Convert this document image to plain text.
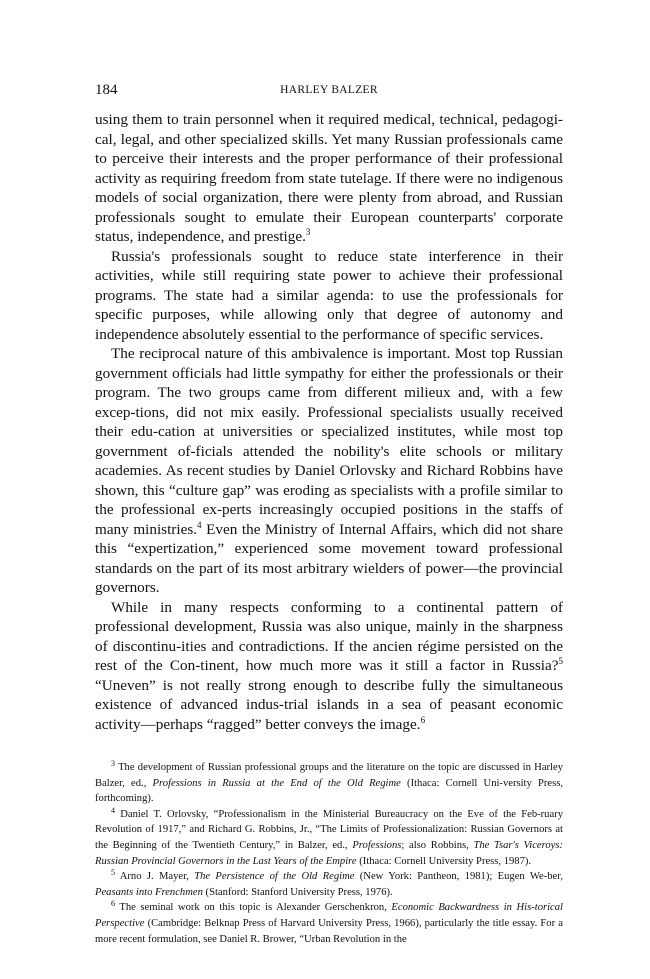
184	HARLEY BALZER

using them to train personnel when it required medical, technical, pedagogi-cal, legal, and other specialized skills. Yet many Russian professionals came to perceive their interests and the proper performance of their professional activity as requiring freedom from state tutelage. If there were no indigenous models of social organization, there were plenty from abroad, and Russian professionals sought to emulate their European counterparts' corporate status, independence, and prestige.$^3$

Russia's professionals sought to reduce state interference in their activities, while still requiring state power to achieve their professional programs. The state had a similar agenda: to use the professionals for specific purposes, while allowing only that degree of autonomy and independence absolutely essential to the performance of specific services.

The reciprocal nature of this ambivalence is important. Most top Russian government officials had little sympathy for either the professionals or their program. The two groups came from different milieux and, with a few excep-tions, did not mix easily. Professional specialists usually received their edu-cation at universities or specialized institutes, while most top government of-ficials attended the nobility's elite schools or military academies. As recent studies by Daniel Orlovsky and Richard Robbins have shown, this “culture gap” was eroding as specialists with a profile similar to the professional ex-perts increasingly occupied positions in the staffs of many ministries.$^4$ Even the Ministry of Internal Affairs, which did not share this “expertization,” experienced some movement toward professional standards on the part of its most arbitrary wielders of power—the provincial governors.

While in many respects conforming to a continental pattern of professional development, Russia was also unique, mainly in the sharpness of discontinu-ities and contradictions. If the ancien régime persisted on the rest of the Con-tinent, how much more was it still a factor in Russia?$^5$ “Uneven” is not really strong enough to describe fully the simultaneous existence of advanced indus-trial islands in a sea of peasant economic activity—perhaps “ragged” better conveys the image.$^6$

$^3$ The development of Russian professional groups and the literature on the topic are discussed in Harley Balzer, ed., Professions in Russia at the End of the Old Regime (Ithaca: Cornell Uni-versity Press, forthcoming).

$^4$ Daniel T. Orlovsky, “Professionalism in the Ministerial Bureaucracy on the Eve of the Feb-ruary Revolution of 1917,” and Richard G. Robbins, Jr., “The Limits of Professionalization: Russian Governors at the Beginning of the Twentieth Century,” in Balzer, ed., Professions; also Robbins, The Tsar's Viceroys: Russian Provincial Governors in the Last Years of the Empire (Ithaca: Cornell University Press, 1987).

$^5$ Arno J. Mayer, The Persistence of the Old Regime (New York: Pantheon, 1981); Eugen We-ber, Peasants into Frenchmen (Stanford: Stanford University Press, 1976).

$^6$ The seminal work on this topic is Alexander Gerschenkron, Economic Backwardness in His-torical Perspective (Cambridge: Belknap Press of Harvard University Press, 1966), particularly the title essay. For a more recent formulation, see Daniel R. Brower, “Urban Revolution in the
